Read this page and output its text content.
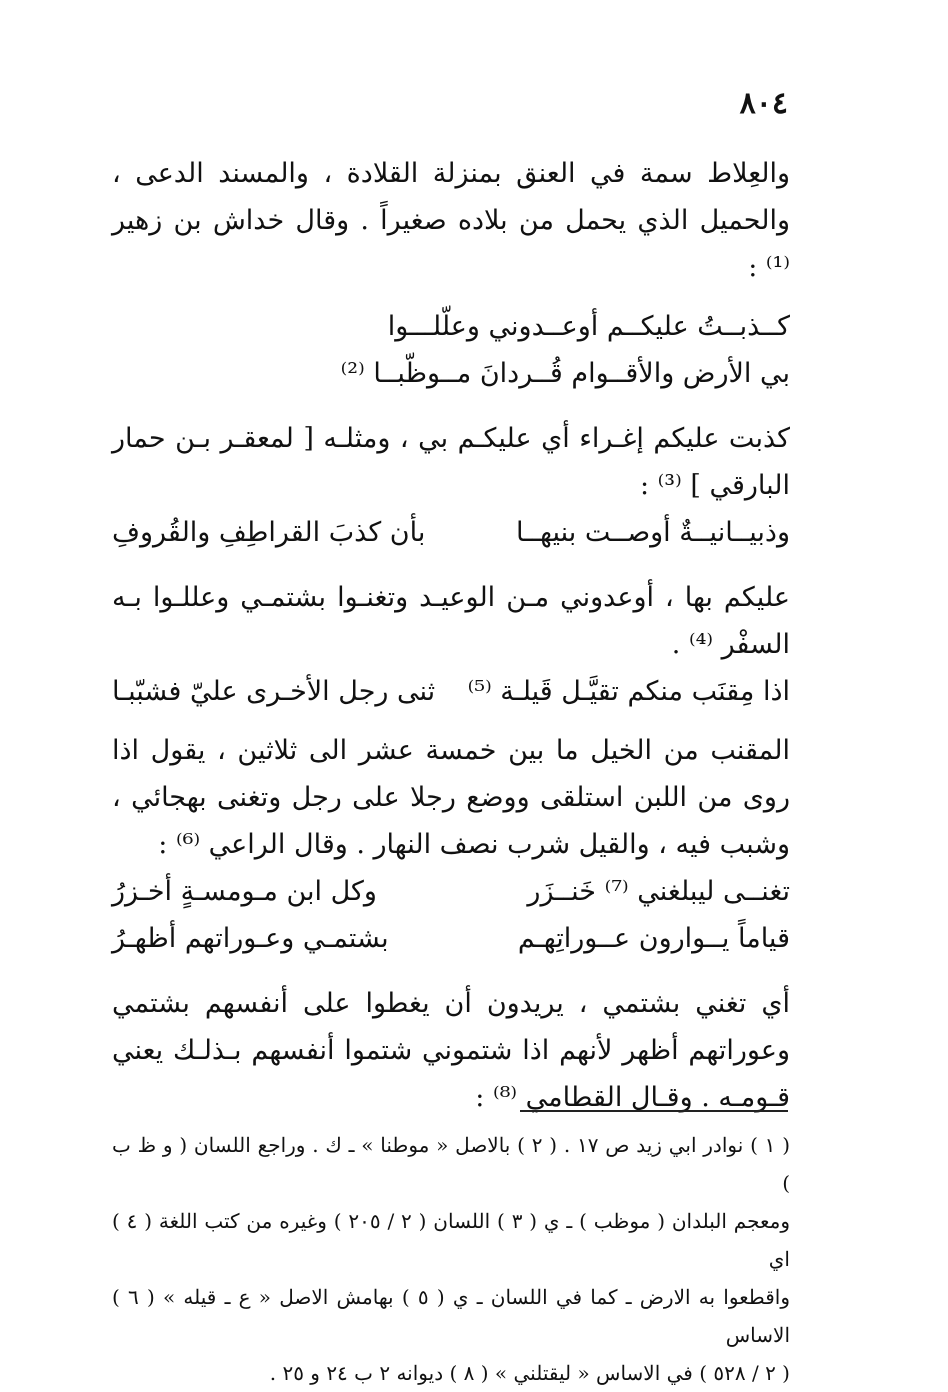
٨٠٤

والعِلاط سمة في العنق بمنزلة القلادة ، والمسند الدعى ، والحميل الذي يحمل من بلاده صغيراً . وقال خداش بن زهير ⁽¹⁾ :

كــذبــتُ عليكــم أوعــدوني وعلّلـــوا

بي الأرض والأقــوام قُــردانَ مــوظّبــا ⁽²⁾

كذبت عليكم إغـراء أي عليكـم بي ، ومثلـه [ لمعقـر بـن حمار البارقي ] ⁽³⁾ :

وذبيــانيــةٌ أوصــت بنيهــا
بأن كذبَ القراطِفِ والقُروفِ

عليكم بها ، أوعدوني مـن الوعيـد وتغنـوا بشتمـي وعللـوا بـه السفْر ⁽⁴⁾ .

اذا مِقنَب منكم تقيَّـل قَيلـة ⁽⁵⁾
ثنى رجل الأخـرى عليّ فشبّبـا

المقنب من الخيل ما بين خمسة عشر الى ثلاثين ، يقول اذا روى من اللبن استلقى ووضع رجلا على رجل وتغنى بهجائي ، وشبب فيه ، والقيل شرب نصف النهار . وقال الراعي ⁽⁶⁾ :

تغنــى ليبلغني ⁽⁷⁾ خَنــزَر
وكل ابن مـومسـةٍ أخـزرُ
قياماً يــوارون عــوراتِهـم
بشتمـي وعـوراتهم أظهـرُ

أي تغني بشتمي ، يريدون أن يغطوا على أنفسهم بشتمي وعوراتهم أظهر لأنهم اذا شتموني شتموا أنفسهم بـذلـك يعني قـومـه . وقـال القطامي ⁽⁸⁾ :

( ١ ) نوادر ابي زيد ص ١٧ . ( ٢ ) بالاصل « موطنا » ـ ك . وراجع اللسان ( و ظ ب )

ومعجم البلدان ( موظب ) ـ ي ( ٣ ) اللسان ( ٢ / ٢٠٥ ) وغيره من كتب اللغة ( ٤ ) اي

واقطعوا به الارض ـ كما في اللسان ـ ي ( ٥ ) بهامش الاصل « ع ـ قيله » ( ٦ ) الاساس

( ٢ / ٥٢٨ ) في الاساس « ليقتلني » ( ٨ ) ديوانه ٢ ب ٢٤ و ٢٥ .
